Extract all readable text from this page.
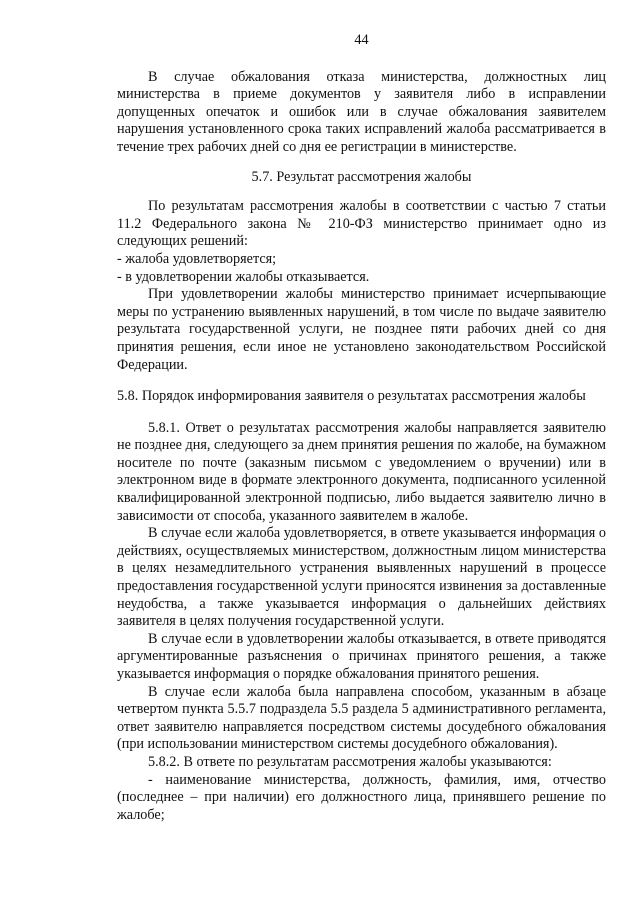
44

В случае обжалования отказа министерства, должностных лиц министерства в приеме документов у заявителя либо в исправлении допущенных опечаток и ошибок или в случае обжалования заявителем нарушения установленного срока таких исправлений жалоба рассматривается в течение трех рабочих дней со дня ее регистрации в министерстве.

5.7. Результат рассмотрения жалобы

По результатам рассмотрения жалобы в соответствии с частью 7 статьи 11.2 Федерального закона № 210-ФЗ министерство принимает одно из следующих решений:

- жалоба удовлетворяется;

- в удовлетворении жалобы отказывается.

При удовлетворении жалобы министерство принимает исчерпывающие меры по устранению выявленных нарушений, в том числе по выдаче заявителю результата государственной услуги, не позднее пяти рабочих дней со дня принятия решения, если иное не установлено законодательством Российской Федерации.

5.8. Порядок информирования заявителя о результатах рассмотрения жалобы

5.8.1. Ответ о результатах рассмотрения жалобы направляется заявителю не позднее дня, следующего за днем принятия решения по жалобе, на бумажном носителе по почте (заказным письмом с уведомлением о вручении) или в электронном виде в формате электронного документа, подписанного усиленной квалифицированной электронной подписью, либо выдается заявителю лично в зависимости от способа, указанного заявителем в жалобе.

В случае если жалоба удовлетворяется, в ответе указывается информация о действиях, осуществляемых министерством, должностным лицом министерства в целях незамедлительного устранения выявленных нарушений в процессе предоставления государственной услуги приносятся извинения за доставленные неудобства, а также указывается информация о дальнейших действиях заявителя в целях получения государственной услуги.

В случае если в удовлетворении жалобы отказывается, в ответе приводятся аргументированные разъяснения о причинах принятого решения, а также указывается информация о порядке обжалования принятого решения.

В случае если жалоба была направлена способом, указанным в абзаце четвертом пункта 5.5.7 подраздела 5.5 раздела 5 административного регламента, ответ заявителю направляется посредством системы досудебного обжалования (при использовании министерством системы досудебного обжалования).

5.8.2. В ответе по результатам рассмотрения жалобы указываются:

- наименование министерства, должность, фамилия, имя, отчество (последнее – при наличии) его должностного лица, принявшего решение по жалобе;
